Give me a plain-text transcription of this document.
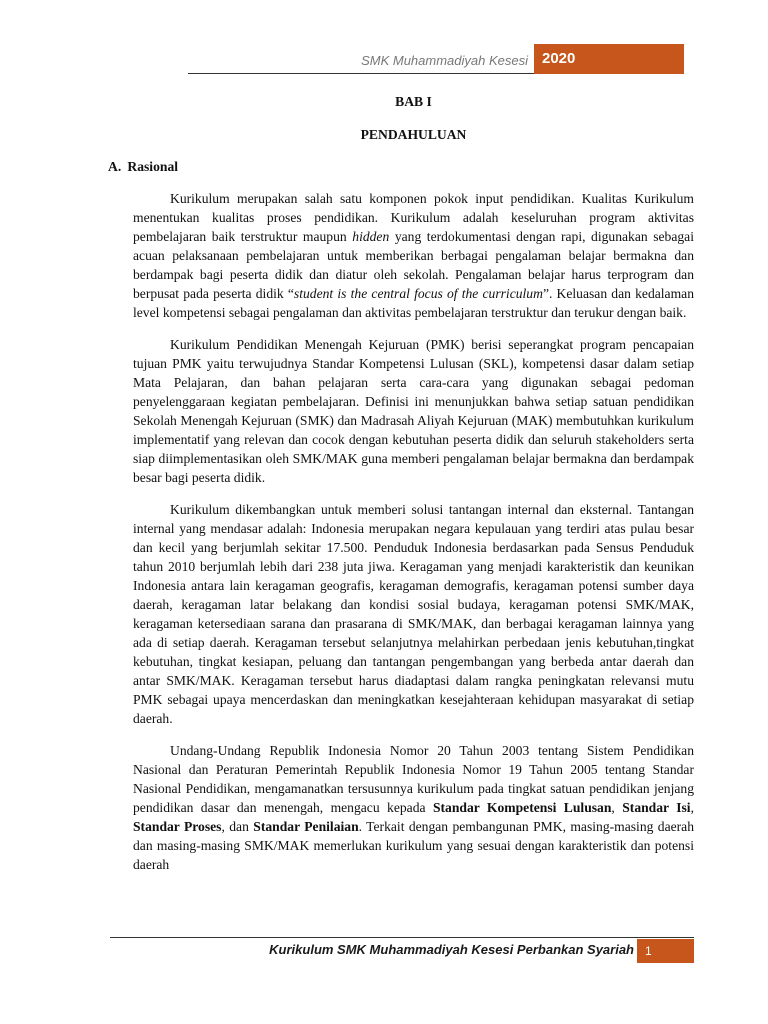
SMK Muhammadiyah Kesesi 2020

BAB I

PENDAHULUAN

A. Rasional

Kurikulum merupakan salah satu komponen pokok input pendidikan. Kualitas Kurikulum menentukan kualitas proses pendidikan. Kurikulum adalah keseluruhan program aktivitas pembelajaran baik terstruktur maupun hidden yang terdokumentasi dengan rapi, digunakan sebagai acuan pelaksanaan pembelajaran untuk memberikan berbagai pengalaman belajar bermakna dan berdampak bagi peserta didik dan diatur oleh sekolah. Pengalaman belajar harus terprogram dan berpusat pada peserta didik “student is the central focus of the curriculum”. Keluasan dan kedalaman level kompetensi sebagai pengalaman dan aktivitas pembelajaran terstruktur dan terukur dengan baik.

Kurikulum Pendidikan Menengah Kejuruan (PMK) berisi seperangkat program pencapaian tujuan PMK yaitu terwujudnya Standar Kompetensi Lulusan (SKL), kompetensi dasar dalam setiap Mata Pelajaran, dan bahan pelajaran serta cara-cara yang digunakan sebagai pedoman penyelenggaraan kegiatan pembelajaran. Definisi ini menunjukkan bahwa setiap satuan pendidikan Sekolah Menengah Kejuruan (SMK) dan Madrasah Aliyah Kejuruan (MAK) membutuhkan kurikulum implementatif yang relevan dan cocok dengan kebutuhan peserta didik dan seluruh stakeholders serta siap diimplementasikan oleh SMK/MAK guna memberi pengalaman belajar bermakna dan berdampak besar bagi peserta didik.

Kurikulum dikembangkan untuk memberi solusi tantangan internal dan eksternal. Tantangan internal yang mendasar adalah: Indonesia merupakan negara kepulauan yang terdiri atas pulau besar dan kecil yang berjumlah sekitar 17.500. Penduduk Indonesia berdasarkan pada Sensus Penduduk tahun 2010 berjumlah lebih dari 238 juta jiwa. Keragaman yang menjadi karakteristik dan keunikan Indonesia antara lain keragaman geografis, keragaman demografis, keragaman potensi sumber daya daerah, keragaman latar belakang dan kondisi sosial budaya, keragaman potensi SMK/MAK, keragaman ketersediaan sarana dan prasarana di SMK/MAK, dan berbagai keragaman lainnya yang ada di setiap daerah. Keragaman tersebut selanjutnya melahirkan perbedaan jenis kebutuhan,tingkat kebutuhan, tingkat kesiapan, peluang dan tantangan pengembangan yang berbeda antar daerah dan antar SMK/MAK. Keragaman tersebut harus diadaptasi dalam rangka peningkatan relevansi mutu PMK sebagai upaya mencerdaskan dan meningkatkan kesejahteraan kehidupan masyarakat di setiap daerah.

Undang-Undang Republik Indonesia Nomor 20 Tahun 2003 tentang Sistem Pendidikan Nasional dan Peraturan Pemerintah Republik Indonesia Nomor 19 Tahun 2005 tentang Standar Nasional Pendidikan, mengamanatkan tersusunnya kurikulum pada tingkat satuan pendidikan jenjang pendidikan dasar dan menengah, mengacu kepada Standar Kompetensi Lulusan, Standar Isi, Standar Proses, dan Standar Penilaian. Terkait dengan pembangunan PMK, masing-masing daerah dan masing-masing SMK/MAK memerlukan kurikulum yang sesuai dengan karakteristik dan potensi daerah

Kurikulum SMK Muhammadiyah Kesesi Perbankan Syariah 1
